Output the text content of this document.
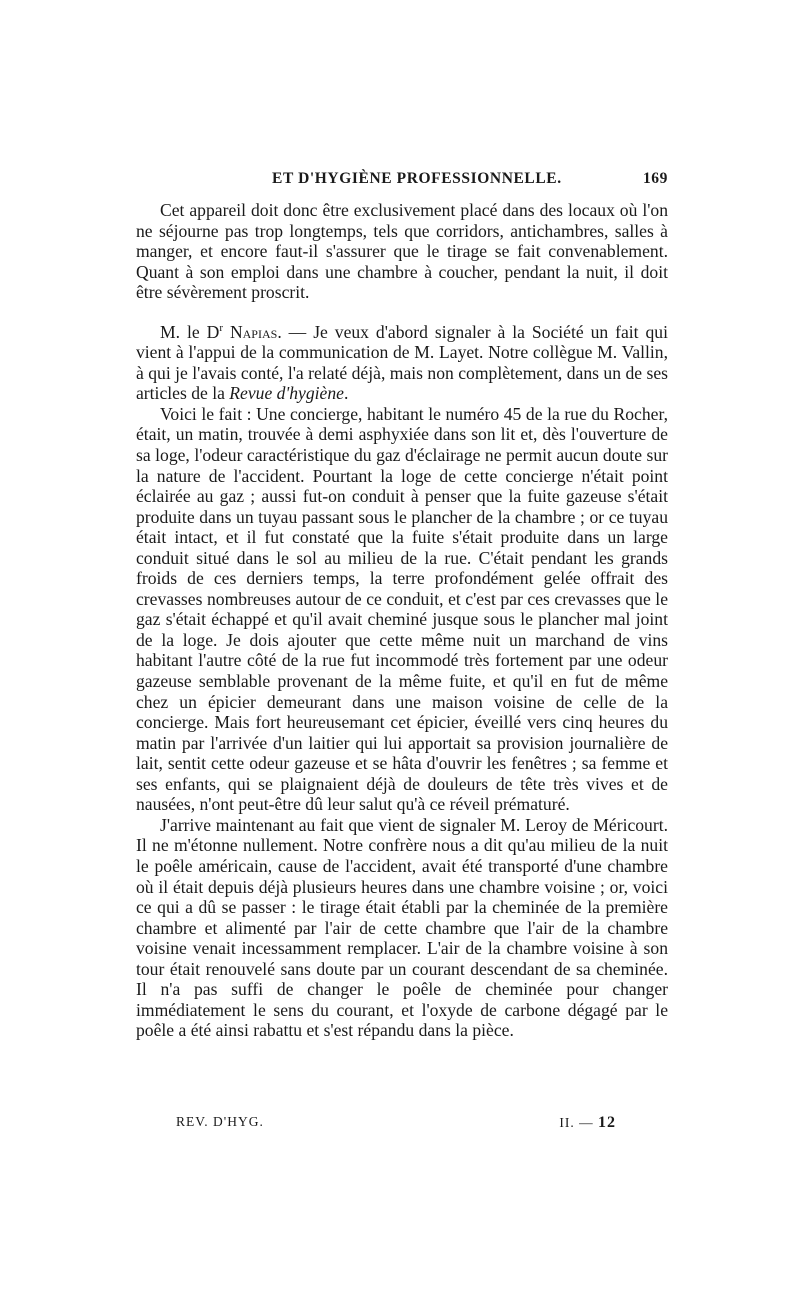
ET D'HYGIÈNE PROFESSIONNELLE.	169

Cet appareil doit donc être exclusivement placé dans des locaux où l'on ne séjourne pas trop longtemps, tels que corridors, antichambres, salles à manger, et encore faut-il s'assurer que le tirage se fait convenablement. Quant à son emploi dans une chambre à coucher, pendant la nuit, il doit être sévèrement proscrit.

M. le $D^r$ Napias. — Je veux d'abord signaler à la Société un fait qui vient à l'appui de la communication de M. Layet. Notre collègue M. Vallin, à qui je l'avais conté, l'a relaté déjà, mais non complètement, dans un de ses articles de la Revue d'hygiène.

Voici le fait : Une concierge, habitant le numéro 45 de la rue du Rocher, était, un matin, trouvée à demi asphyxiée dans son lit et, dès l'ouverture de sa loge, l'odeur caractéristique du gaz d'éclairage ne permit aucun doute sur la nature de l'accident. Pourtant la loge de cette concierge n'était point éclairée au gaz ; aussi fut-on conduit à penser que la fuite gazeuse s'était produite dans un tuyau passant sous le plancher de la chambre ; or ce tuyau était intact, et il fut constaté que la fuite s'était produite dans un large conduit situé dans le sol au milieu de la rue. C'était pendant les grands froids de ces derniers temps, la terre profondément gelée offrait des crevasses nombreuses autour de ce conduit, et c'est par ces crevasses que le gaz s'était échappé et qu'il avait cheminé jusque sous le plancher mal joint de la loge. Je dois ajouter que cette même nuit un marchand de vins habitant l'autre côté de la rue fut incommodé très fortement par une odeur gazeuse semblable provenant de la même fuite, et qu'il en fut de même chez un épicier demeurant dans une maison voisine de celle de la concierge. Mais fort heureusemant cet épicier, éveillé vers cinq heures du matin par l'arrivée d'un laitier qui lui apportait sa provision journalière de lait, sentit cette odeur gazeuse et se hâta d'ouvrir les fenêtres ; sa femme et ses enfants, qui se plaignaient déjà de douleurs de tête très vives et de nausées, n'ont peut-être dû leur salut qu'à ce réveil prématuré.

J'arrive maintenant au fait que vient de signaler M. Leroy de Méricourt. Il ne m'étonne nullement. Notre confrère nous a dit qu'au milieu de la nuit le poêle américain, cause de l'accident, avait été transporté d'une chambre où il était depuis déjà plusieurs heures dans une chambre voisine ; or, voici ce qui a dû se passer : le tirage était établi par la cheminée de la première chambre et alimenté par l'air de cette chambre que l'air de la chambre voisine venait incessamment remplacer. L'air de la chambre voisine à son tour était renouvelé sans doute par un courant descendant de sa cheminée. Il n'a pas suffi de changer le poêle de cheminée pour changer immédiatement le sens du courant, et l'oxyde de carbone dégagé par le poêle a été ainsi rabattu et s'est répandu dans la pièce.

REV. D'HYG.	II. — 12
